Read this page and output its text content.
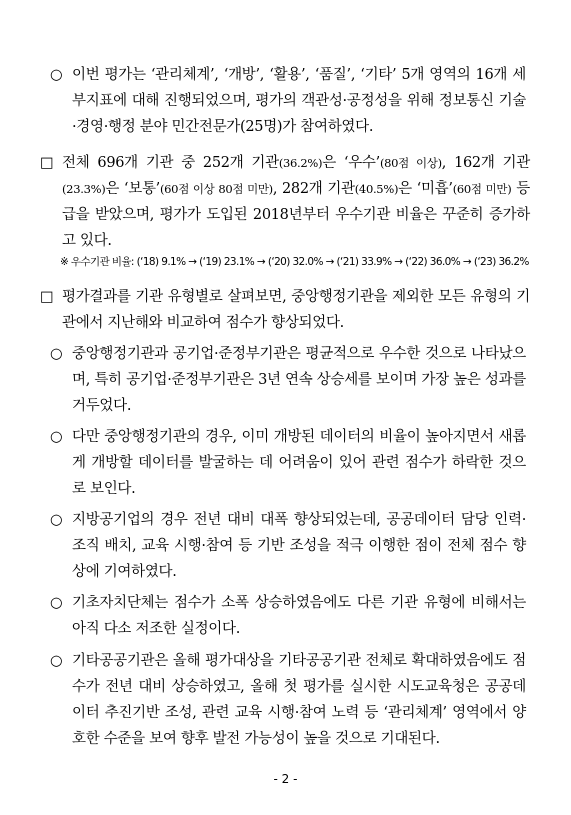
○ 이번 평가는 ‘관리체계’, ‘개방’, ‘활용’, ‘품질’, ‘기타’ 5개 영역의 16개 세부지표에 대해 진행되었으며, 평가의 객관성·공정성을 위해 정보통신 기술·경영·행정 분야 민간전문가(25명)가 참여하였다.
□ 전체 696개 기관 중 252개 기관(36.2%)은 ‘우수’(80점 이상), 162개 기관(23.3%)은 ‘보통’(60점 이상 80점 미만), 282개 기관(40.5%)은 ‘미흡’(60점 미만) 등급을 받았으며, 평가가 도입된 2018년부터 우수기관 비율은 꾸준히 증가하고 있다.
※ 우수기관 비율: (‘18) 9.1% → (‘19) 23.1% → (‘20) 32.0% → (‘21) 33.9% → (‘22) 36.0% → (‘23) 36.2%
□ 평가결과를 기관 유형별로 살펴보면, 중앙행정기관을 제외한 모든 유형의 기관에서 지난해와 비교하여 점수가 향상되었다.
○ 중앙행정기관과 공기업·준정부기관은 평균적으로 우수한 것으로 나타났으며, 특히 공기업·준정부기관은 3년 연속 상승세를 보이며 가장 높은 성과를 거두었다.
○ 다만 중앙행정기관의 경우, 이미 개방된 데이터의 비율이 높아지면서 새롭게 개방할 데이터를 발굴하는 데 어려움이 있어 관련 점수가 하락한 것으로 보인다.
○ 지방공기업의 경우 전년 대비 대폭 향상되었는데, 공공데이터 담당 인력·조직 배치, 교육 시행·참여 등 기반 조성을 적극 이행한 점이 전체 점수 향상에 기여하였다.
○ 기초자치단체는 점수가 소폭 상승하였음에도 다른 기관 유형에 비해서는 아직 다소 저조한 실정이다.
○ 기타공공기관은 올해 평가대상을 기타공공기관 전체로 확대하였음에도 점수가 전년 대비 상승하였고, 올해 첫 평가를 실시한 시도교육청은 공공데이터 추진기반 조성, 관련 교육 시행·참여 노력 등 ‘관리체계’ 영역에서 양호한 수준을 보여 향후 발전 가능성이 높을 것으로 기대된다.
- 2 -
